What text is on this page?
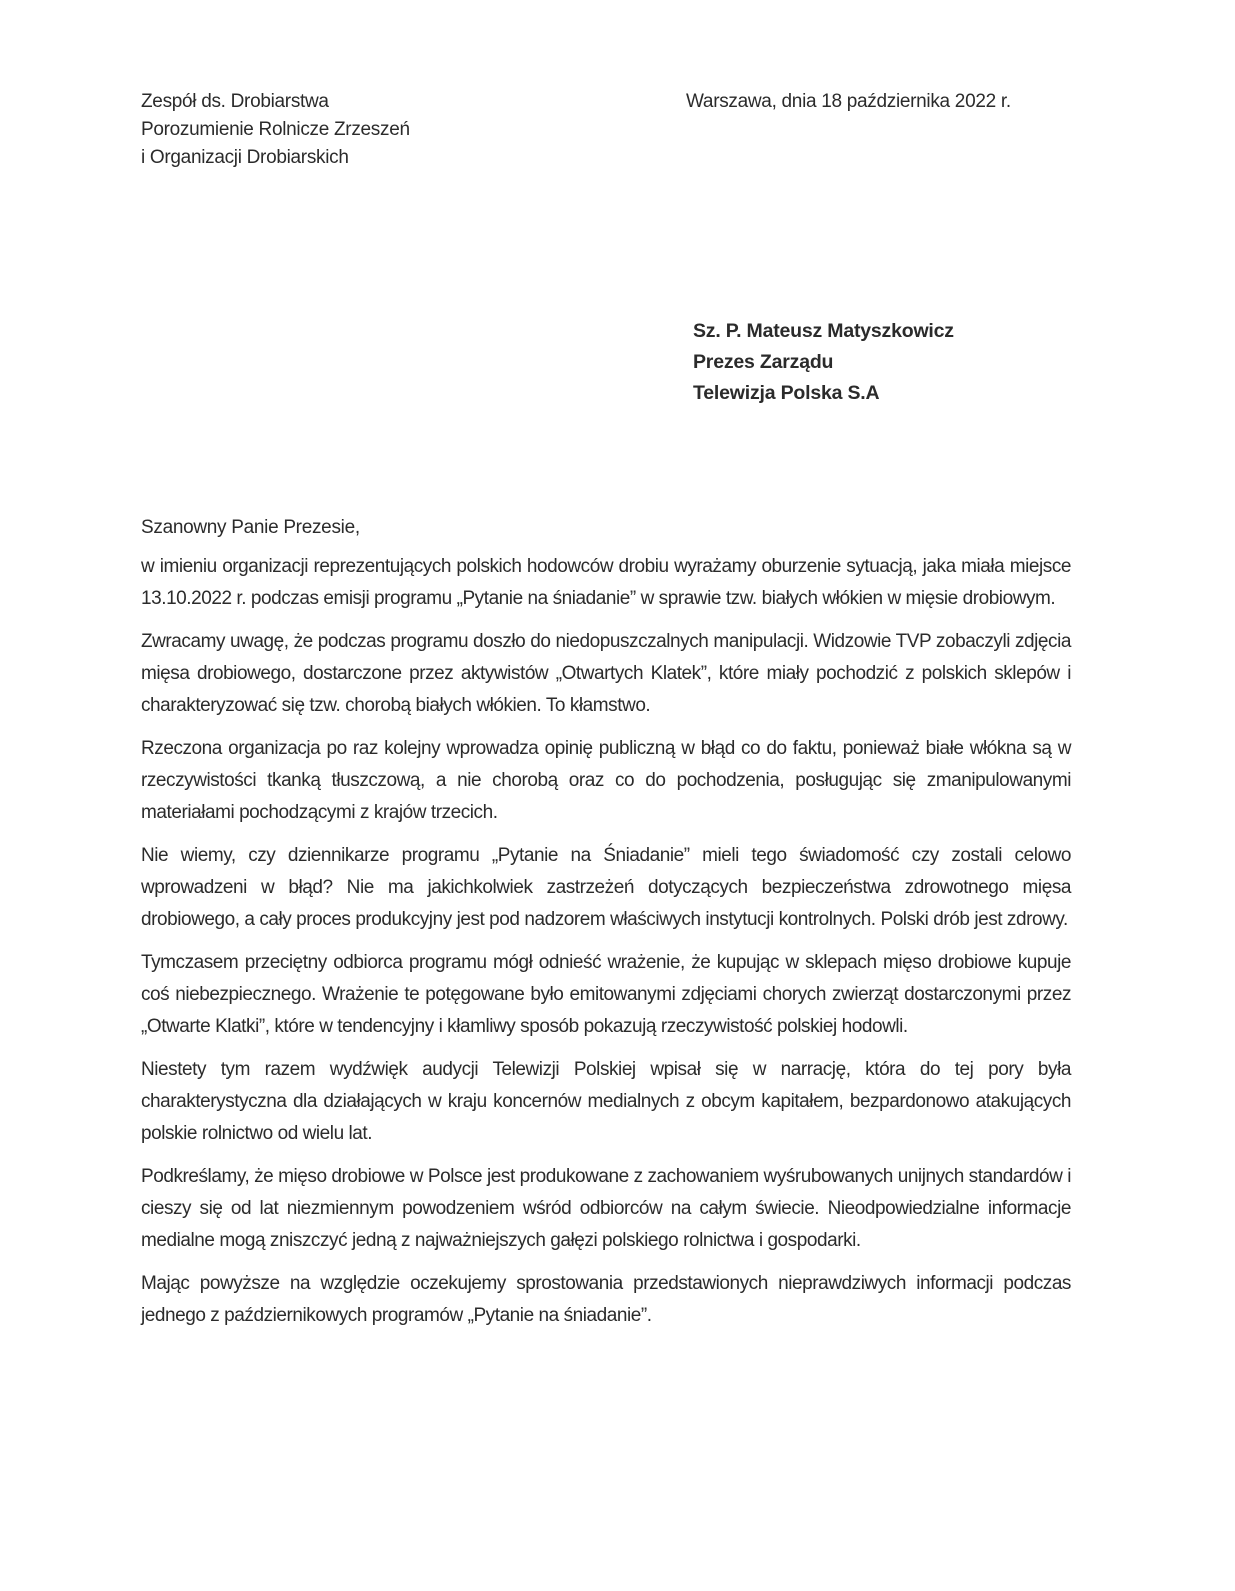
Zespół ds. Drobiarstwa
Porozumienie Rolnicze Zrzeszeń
i Organizacji Drobiarskich
Warszawa, dnia 18 października 2022 r.
Sz. P. Mateusz Matyszkowicz
Prezes Zarządu
Telewizja Polska S.A
Szanowny Panie Prezesie,

w imieniu organizacji reprezentujących polskich hodowców drobiu wyrażamy oburzenie sytuacją, jaka miała miejsce 13.10.2022 r. podczas emisji programu „Pytanie na śniadanie” w sprawie tzw. białych włókien w mięsie drobiowym.

Zwracamy uwagę, że podczas programu doszło do niedopuszczalnych manipulacji. Widzowie TVP zobaczyli zdjęcia mięsa drobiowego, dostarczone przez aktywistów „Otwartych Klatek”, które miały pochodzić z polskich sklepów i charakteryzować się tzw. chorobą białych włókien. To kłamstwo.

Rzeczona organizacja po raz kolejny wprowadza opinię publiczną w błąd co do faktu, ponieważ białe włókna są w rzeczywistości tkanką tłuszczową, a nie chorobą oraz co do pochodzenia, posługując się zmanipulowanymi materiałami pochodzącymi z krajów trzecich.

Nie wiemy, czy dziennikarze programu „Pytanie na Śniadanie” mieli tego świadomość czy zostali celowo wprowadzeni w błąd? Nie ma jakichkolwiek zastrzeżeń dotyczących bezpieczeństwa zdrowotnego mięsa drobiowego, a cały proces produkcyjny jest pod nadzorem właściwych instytucji kontrolnych. Polski drób jest zdrowy.

Tymczasem przeciętny odbiorca programu mógł odnieść wrażenie, że kupując w sklepach mięso drobiowe kupuje coś niebezpiecznego. Wrażenie te potęgowane było emitowanymi zdjęciami chorych zwierząt dostarczonymi przez „Otwarte Klatki”, które w tendencyjny i kłamliwy sposób pokazują rzeczywistość polskiej hodowli.

Niestety tym razem wydźwięk audycji Telewizji Polskiej wpisał się w narrację, która do tej pory była charakterystyczna dla działających w kraju koncernów medialnych z obcym kapitałem, bezpardonowo atakujących polskie rolnictwo od wielu lat.

Podkreślamy, że mięso drobiowe w Polsce jest produkowane z zachowaniem wyśrubowanych unijnych standardów i cieszy się od lat niezmiennym powodzeniem wśród odbiorców na całym świecie. Nieodpowiedzialne informacje medialne mogą zniszczyć jedną z najważniejszych gałęzi polskiego rolnictwa i gospodarki.

Mając powyższe na względzie oczekujemy sprostowania przedstawionych nieprawdziwych informacji podczas jednego z październikowych programów „Pytanie na śniadanie”.
